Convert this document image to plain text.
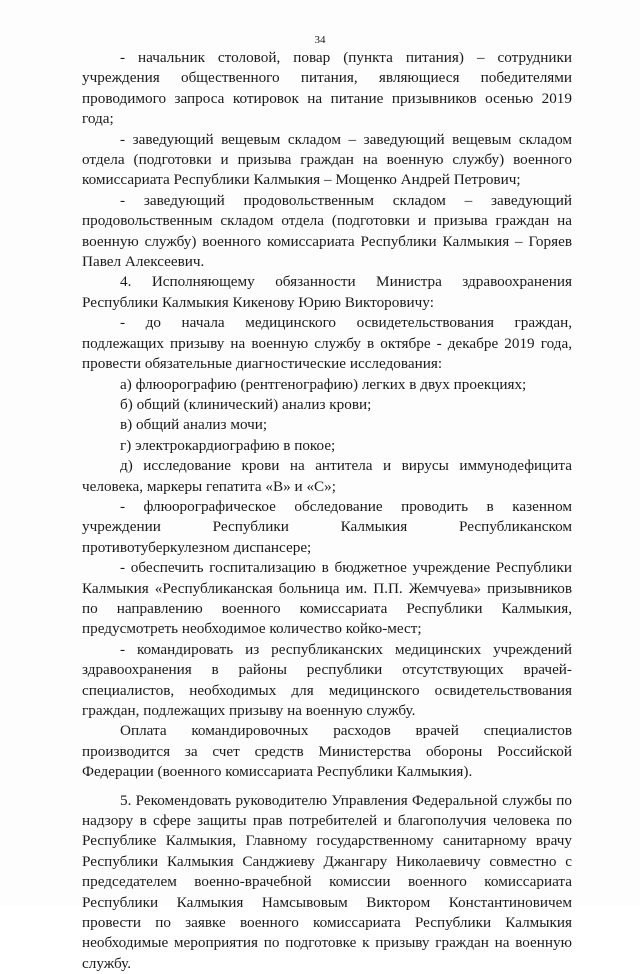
34

- начальник столовой, повар (пункта питания) – сотрудники учреждения общественного питания, являющиеся победителями проводимого запроса котировок на питание призывников осенью 2019 года;

- заведующий вещевым складом – заведующий вещевым складом отдела (подготовки и призыва граждан на военную службу) военного комиссариата Республики Калмыкия – Мощенко Андрей Петрович;

- заведующий продовольственным складом – заведующий продовольственным складом отдела (подготовки и призыва граждан на военную службу) военного комиссариата Республики Калмыкия – Горяев Павел Алексеевич.

4. Исполняющему обязанности Министра здравоохранения Республики Калмыкия Кикенову Юрию Викторовичу:

- до начала медицинского освидетельствования граждан, подлежащих призыву на военную службу в октябре - декабре 2019 года, провести обязательные диагностические исследования:

а) флюорографию (рентгенографию) легких в двух проекциях;

б) общий (клинический) анализ крови;

в) общий анализ мочи;

г) электрокардиографию в покое;

д) исследование крови на антитела и вирусы иммунодефицита человека, маркеры гепатита «В» и «С»;

- флюорографическое обследование проводить в казенном учреждении Республики Калмыкия Республиканском противотуберкулезном диспансере;

- обеспечить госпитализацию в бюджетное учреждение Республики Калмыкия «Республиканская больница им. П.П. Жемчуева» призывников по направлению военного комиссариата Республики Калмыкия, предусмотреть необходимое количество койко-мест;

- командировать из республиканских медицинских учреждений здравоохранения в районы республики отсутствующих врачей-специалистов, необходимых для медицинского освидетельствования граждан, подлежащих призыву на военную службу.

Оплата командировочных расходов врачей специалистов производится за счет средств Министерства обороны Российской Федерации (военного комиссариата Республики Калмыкия).

5. Рекомендовать руководителю Управления Федеральной службы по надзору в сфере защиты прав потребителей и благополучия человека по Республике Калмыкия, Главному государственному санитарному врачу Республики Калмыкия Санджиеву Джангару Николаевичу совместно с председателем военно-врачебной комиссии военного комиссариата Республики Калмыкия Намсывовым Виктором Константиновичем провести по заявке военного комиссариата Республики Калмыкия необходимые мероприятия по подготовке к призыву граждан на военную службу.
